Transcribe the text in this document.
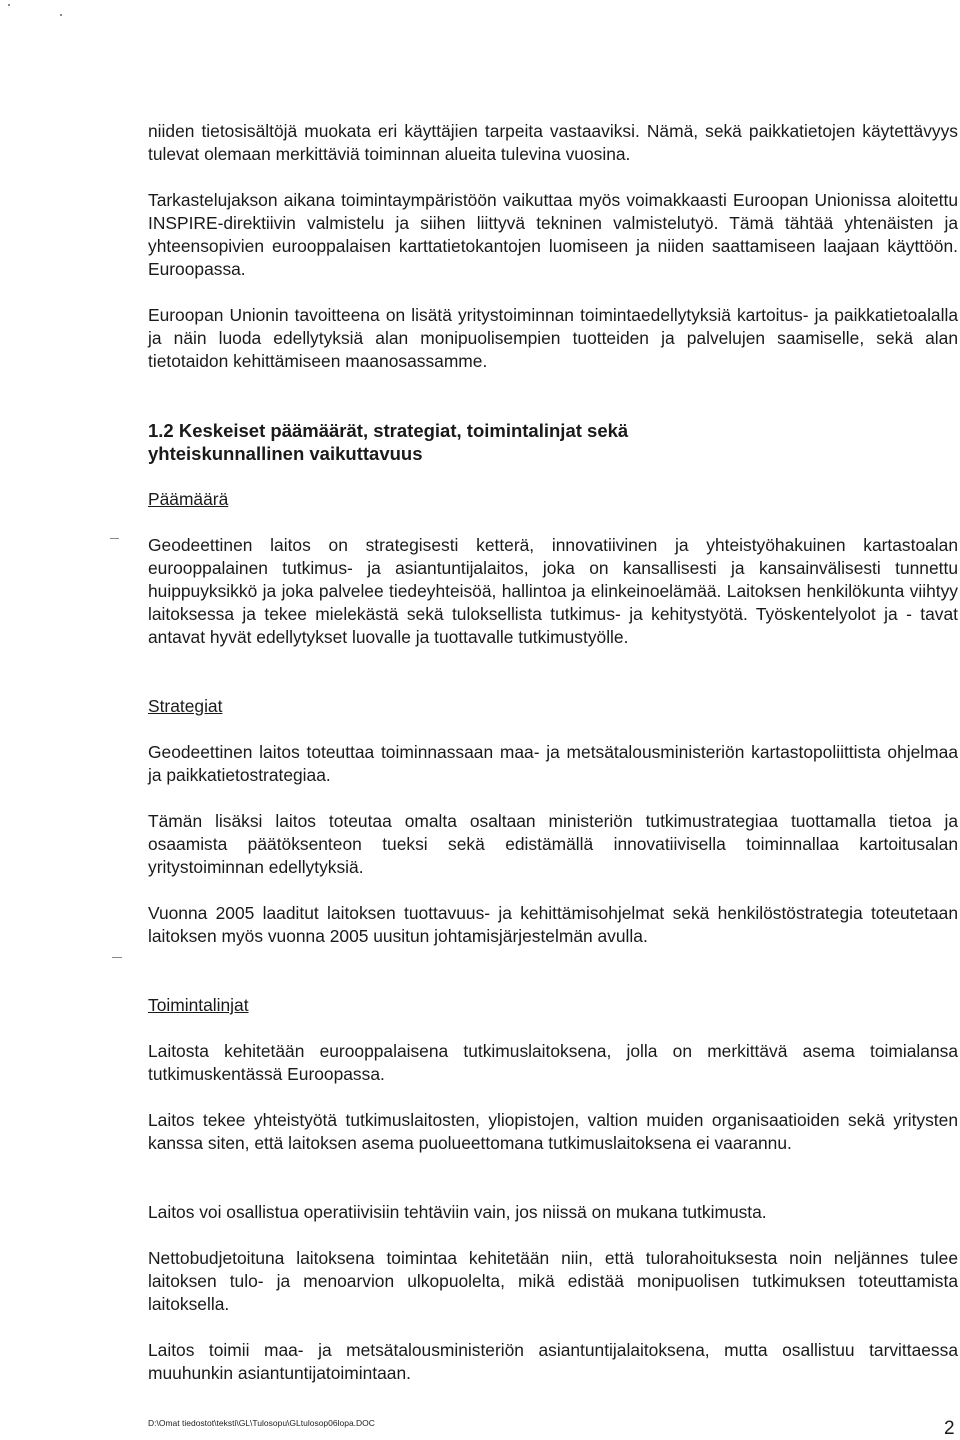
niiden tietosisältöjä muokata eri käyttäjien tarpeita vastaaviksi. Nämä, sekä paikkatietojen käytettävyys tulevat olemaan merkittäviä toiminnan alueita tulevina vuosina.

Tarkastelujakson aikana toimintaympäristöön vaikuttaa myös voimakkaasti Euroopan Unionissa aloitettu INSPIRE-direktiivin valmistelu ja siihen liittyvä tekninen valmistelutyö. Tämä tähtää yhtenäisten ja yhteensopivien eurooppalaisen karttatietokantojen luomiseen ja niiden saattamiseen laajaan käyttöön. Euroopassa.

Euroopan Unionin tavoitteena on lisätä yritystoiminnan toimintaedellytyksiä kartoitus- ja paikkatietoalalla ja näin luoda edellytyksiä alan monipuolisempien tuotteiden ja palvelujen saamiselle, sekä alan tietotaidon kehittämiseen maanosassamme.

1.2 Keskeiset päämäärät, strategiat, toimintalinjat sekä
yhteiskunnallinen vaikuttavuus
Päämäärä

Geodeettinen laitos on strategisesti ketterä, innovatiivinen ja yhteistyöhakuinen kartastoalan eurooppalainen tutkimus- ja asiantuntijalaitos, joka on kansallisesti ja kansainvälisesti tunnettu huippuyksikkö ja joka palvelee tiedeyhteisöä, hallintoa ja elinkeinoelämää. Laitoksen henkilökunta viihtyy laitoksessa ja tekee mielekästä sekä tuloksellista tutkimus- ja kehitystyötä. Työskentelyolot ja - tavat antavat hyvät edellytykset luovalle ja tuottavalle tutkimustyölle.

Strategiat

Geodeettinen laitos toteuttaa toiminnassaan maa- ja metsätalousministeriön kartastopoliittista ohjelmaa ja paikkatietostrategiaa.

Tämän lisäksi laitos toteutaa omalta osaltaan ministeriön tutkimustrategiaa tuottamalla tietoa ja osaamista päätöksenteon tueksi sekä edistämällä innovatiivisella toiminnallaa kartoitusalan yritystoiminnan edellytyksiä.

Vuonna 2005 laaditut laitoksen tuottavuus- ja kehittämisohjelmat sekä henkilöstöstrategia toteutetaan laitoksen myös vuonna 2005 uusitun johtamisjärjestelmän avulla.

Toimintalinjat

Laitosta kehitetään eurooppalaisena tutkimuslaitoksena, jolla on merkittävä asema toimialansa tutkimuskentässä Euroopassa.

Laitos tekee yhteistyötä tutkimuslaitosten, yliopistojen, valtion muiden organisaatioiden sekä yritysten kanssa siten, että laitoksen asema puolueettomana tutkimuslaitoksena ei vaarannu.

Laitos voi osallistua operatiivisiin tehtäviin vain, jos niissä on mukana tutkimusta.

Nettobudjetoituna laitoksena toimintaa kehitetään niin, että tulorahoituksesta noin neljännes tulee laitoksen tulo- ja menoarvion ulkopuolelta, mikä edistää monipuolisen tutkimuksen toteuttamista laitoksella.

Laitos toimii maa- ja metsätalousministeriön asiantuntijalaitoksena, mutta osallistuu tarvittaessa muuhunkin asiantuntijatoimintaan.

D:\Omat tiedostot\teksti\GL\Tulosopu\GLtulosop06lopa.DOC	2
